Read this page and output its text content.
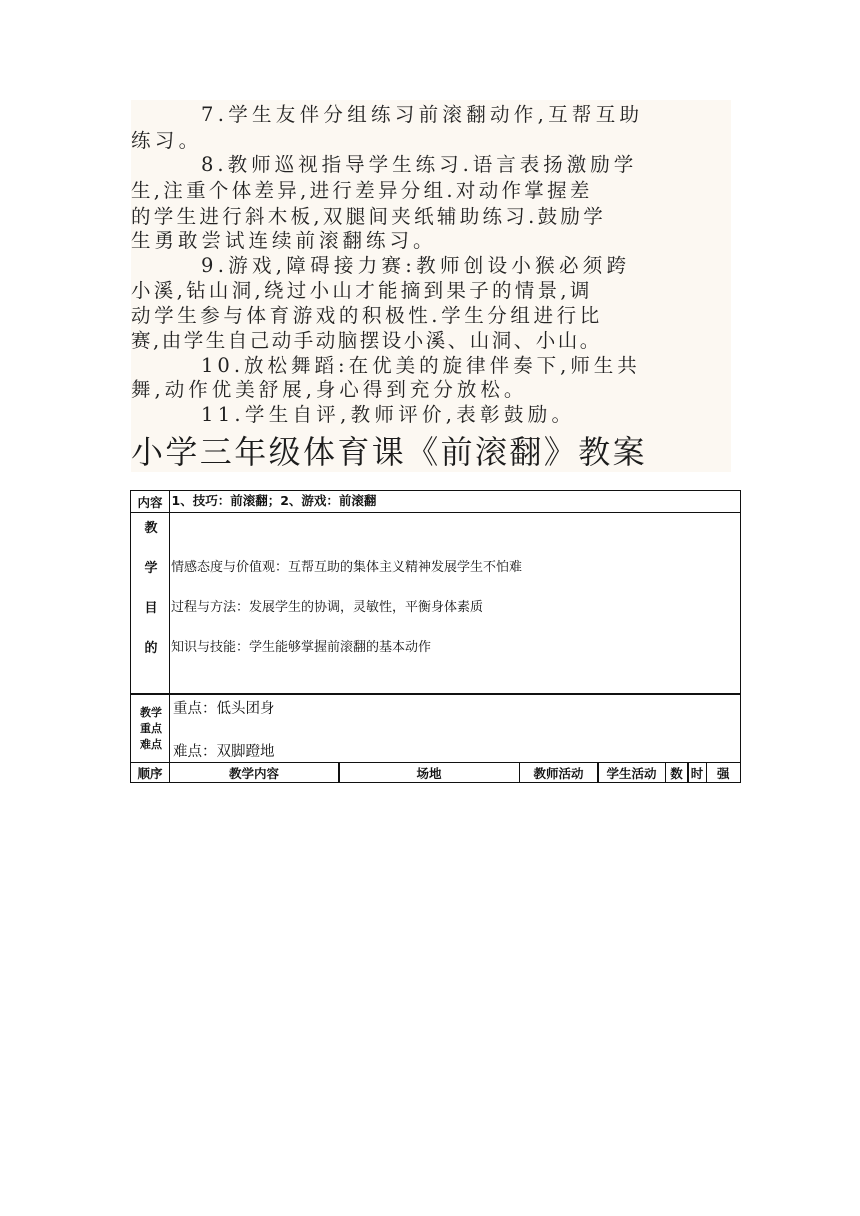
7.学生友伴分组练习前滚翻动作,互帮互助
练习。
8.教师巡视指导学生练习.语言表扬激励学
生,注重个体差异,进行差异分组.对动作掌握差
的学生进行斜木板,双腿间夹纸辅助练习.鼓励学
生勇敢尝试连续前滚翻练习。
9.游戏,障碍接力赛:教师创设小猴必须跨
小溪,钻山洞,绕过小山才能摘到果子的情景,调
动学生参与体育游戏的积极性.学生分组进行比
赛,由学生自己动手动脑摆设小溪、山洞、小山。
10.放松舞蹈:在优美的旋律伴奏下,师生共
舞,动作优美舒展,身心得到充分放松。
11.学生自评,教师评价,表彰鼓励。
小学三年级体育课《前滚翻》教案
内容 1、技巧：前滚翻；2、游戏：前滚翻
教
学
目
的
情感态度与价值观：互帮互助的集体主义精神发展学生不怕难
过程与方法：发展学生的协调，灵敏性，平衡身体素质
知识与技能：学生能够掌握前滚翻的基本动作
教学
重点
难点
重点：低头团身
难点：双脚蹬地
顺序	教学内容	场地	教师活动 学生活动 数 时 强
